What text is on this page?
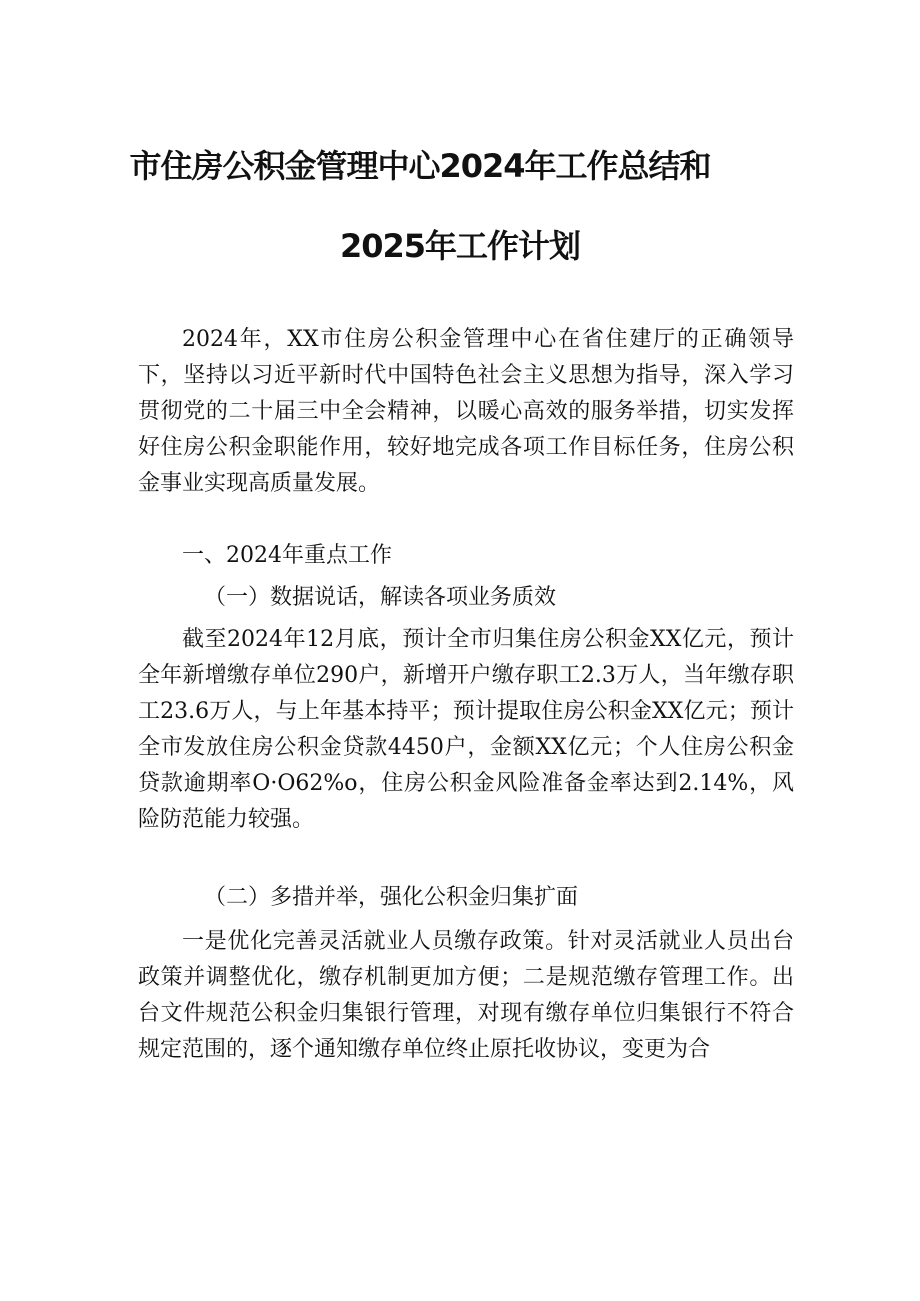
市住房公积金管理中心2024年工作总结和
2025年工作计划

2024年，XX市住房公积金管理中心在省住建厅的正确领导下，坚持以习近平新时代中国特色社会主义思想为指导，深入学习贯彻党的二十届三中全会精神，以暖心高效的服务举措，切实发挥好住房公积金职能作用，较好地完成各项工作目标任务，住房公积金事业实现高质量发展。

一、2024年重点工作

（一）数据说话，解读各项业务质效

截至2024年12月底，预计全市归集住房公积金XX亿元，预计全年新增缴存单位290户，新增开户缴存职工2.3万人，当年缴存职工23.6万人，与上年基本持平；预计提取住房公积金XX亿元；预计全市发放住房公积金贷款4450户，金额XX亿元；个人住房公积金贷款逾期率O·O62%o，住房公积金风险准备金率达到2.14%，风险防范能力较强。

（二）多措并举，强化公积金归集扩面

一是优化完善灵活就业人员缴存政策。针对灵活就业人员出台政策并调整优化，缴存机制更加方便；二是规范缴存管理工作。出台文件规范公积金归集银行管理，对现有缴存单位归集银行不符合规定范围的，逐个通知缴存单位终止原托收协议，变更为合
